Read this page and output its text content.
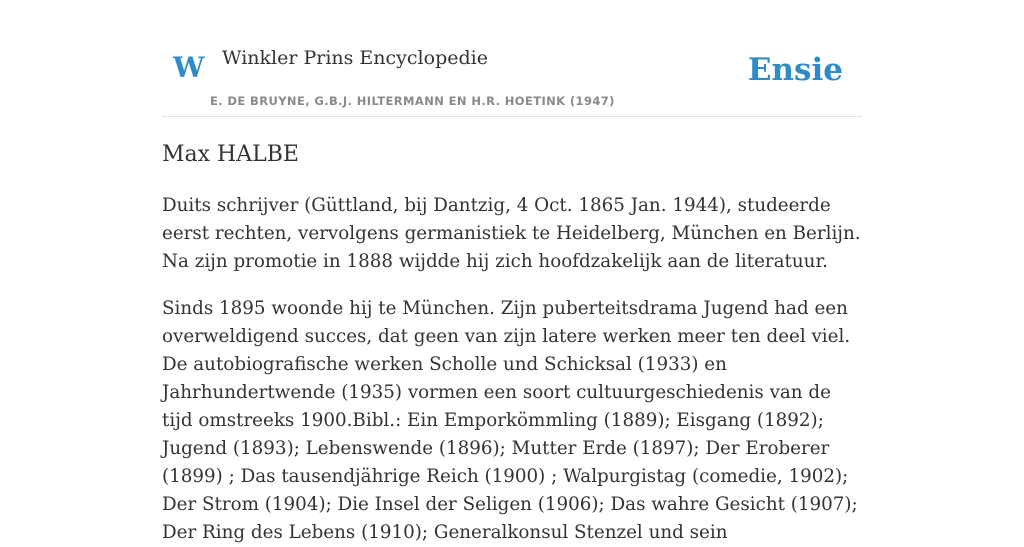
W Winkler Prins Encyclopedie
E. DE BRUYNE, G.B.J. HILTERMANN EN H.R. HOETINK (1947)
Ensie
Max HALBE

Duits schrijver (Güttland, bij Dantzig, 4 Oct. 1865 Jan. 1944), studeerde eerst rechten, vervolgens germanistiek te Heidelberg, München en Berlijn. Na zijn promotie in 1888 wijdde hij zich hoofdzakelijk aan de literatuur.

Sinds 1895 woonde hij te München. Zijn puberteitsdrama Jugend had een overweldigend succes, dat geen van zijn latere werken meer ten deel viel. De autobiografische werken Scholle und Schicksal (1933) en Jahrhundertwende (1935) vormen een soort cultuurgeschiedenis van de tijd omstreeks 1900.Bibl.: Ein Emporkömmling (1889); Eisgang (1892); Jugend (1893); Lebenswende (1896); Mutter Erde (1897); Der Eroberer (1899) ; Das tausendjährige Reich (1900) ; Walpurgistag (comedie, 1902); Der Strom (1904); Die Insel der Seligen (1906); Das wahre Gesicht (1907); Der Ring des Lebens (1910); Generalkonsul Stenzel und sein
